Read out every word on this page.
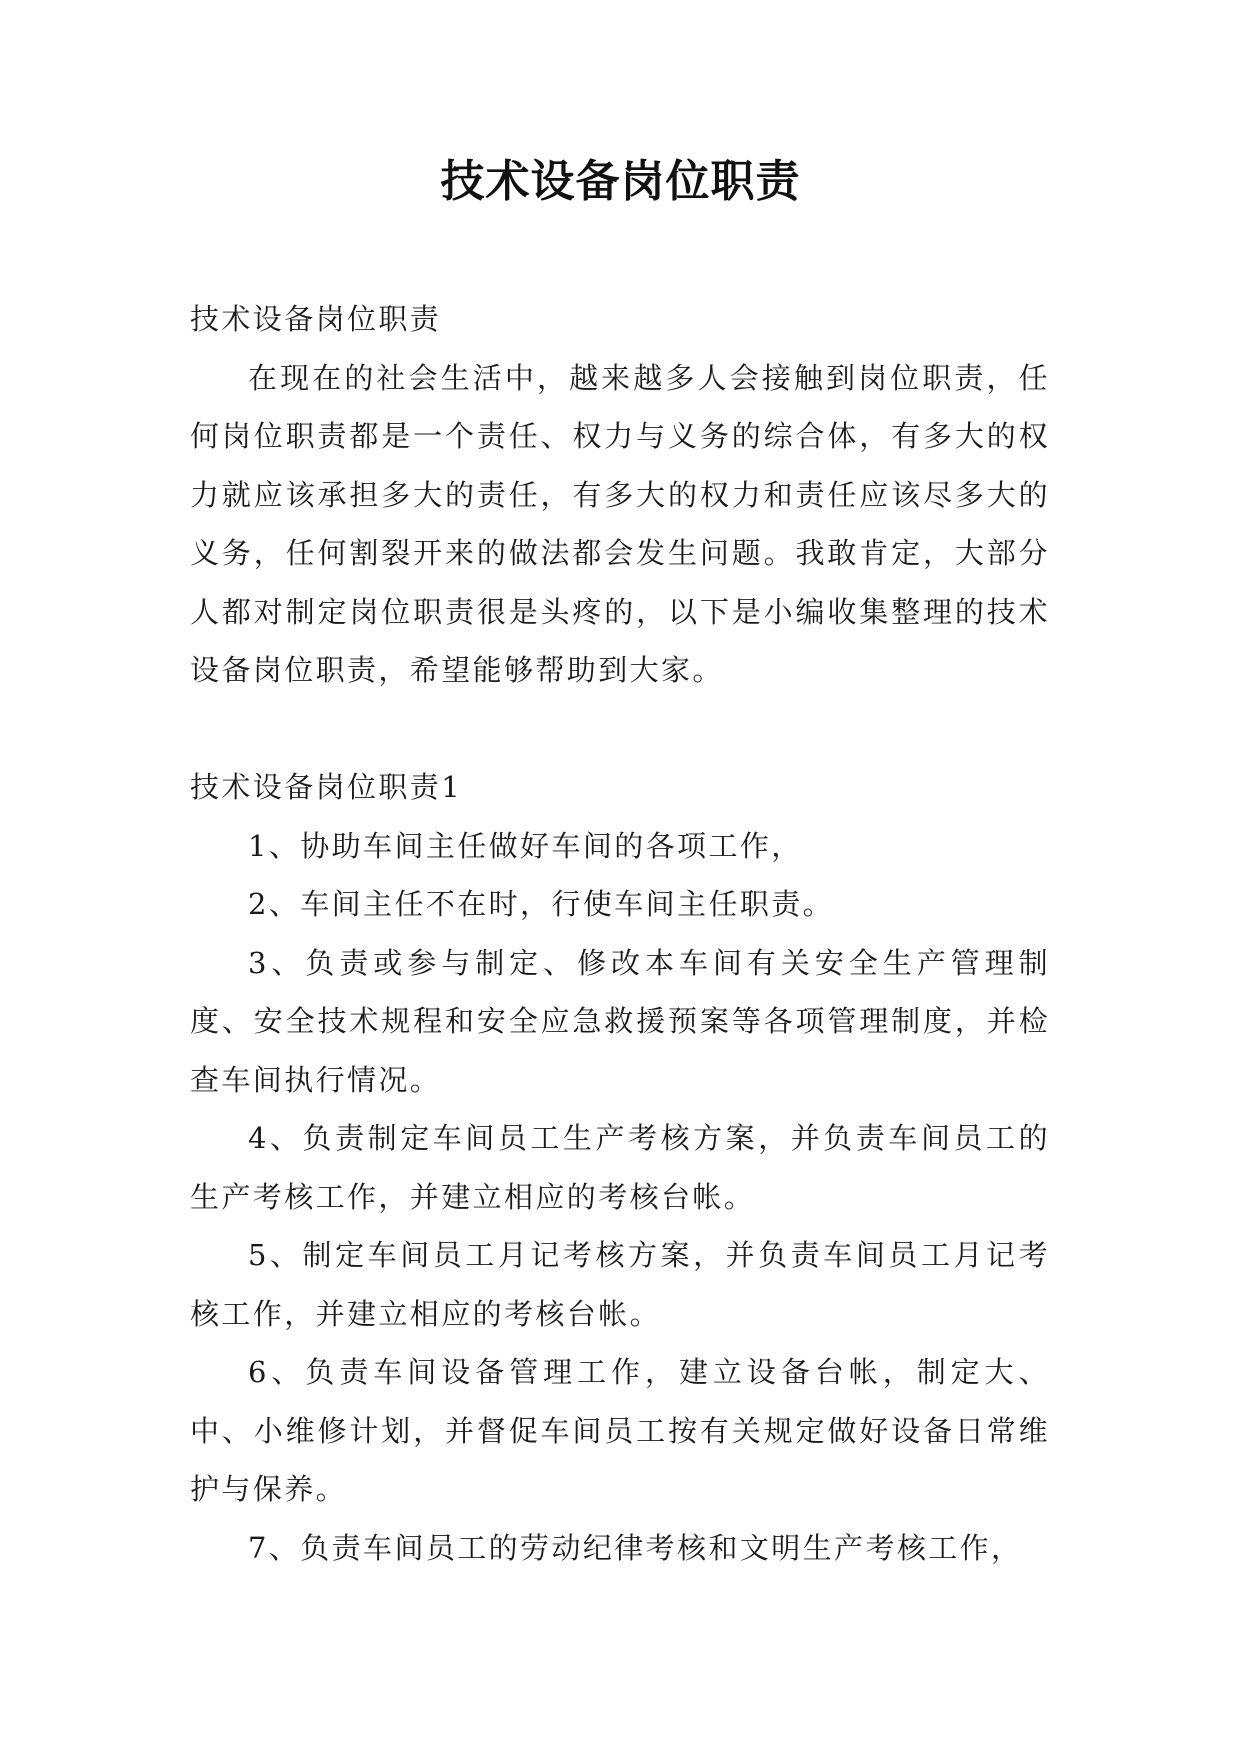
技术设备岗位职责

技术设备岗位职责

在现在的社会生活中，越来越多人会接触到岗位职责，任何岗位职责都是一个责任、权力与义务的综合体，有多大的权力就应该承担多大的责任，有多大的权力和责任应该尽多大的义务，任何割裂开来的做法都会发生问题。我敢肯定，大部分人都对制定岗位职责很是头疼的，以下是小编收集整理的技术设备岗位职责，希望能够帮助到大家。

技术设备岗位职责1

1、协助车间主任做好车间的各项工作，

2、车间主任不在时，行使车间主任职责。

3、负责或参与制定、修改本车间有关安全生产管理制度、安全技术规程和安全应急救援预案等各项管理制度，并检查车间执行情况。

4、负责制定车间员工生产考核方案，并负责车间员工的生产考核工作，并建立相应的考核台帐。

5、制定车间员工月记考核方案，并负责车间员工月记考核工作，并建立相应的考核台帐。

6、负责车间设备管理工作，建立设备台帐，制定大、中、小维修计划，并督促车间员工按有关规定做好设备日常维护与保养。

7、负责车间员工的劳动纪律考核和文明生产考核工作，
